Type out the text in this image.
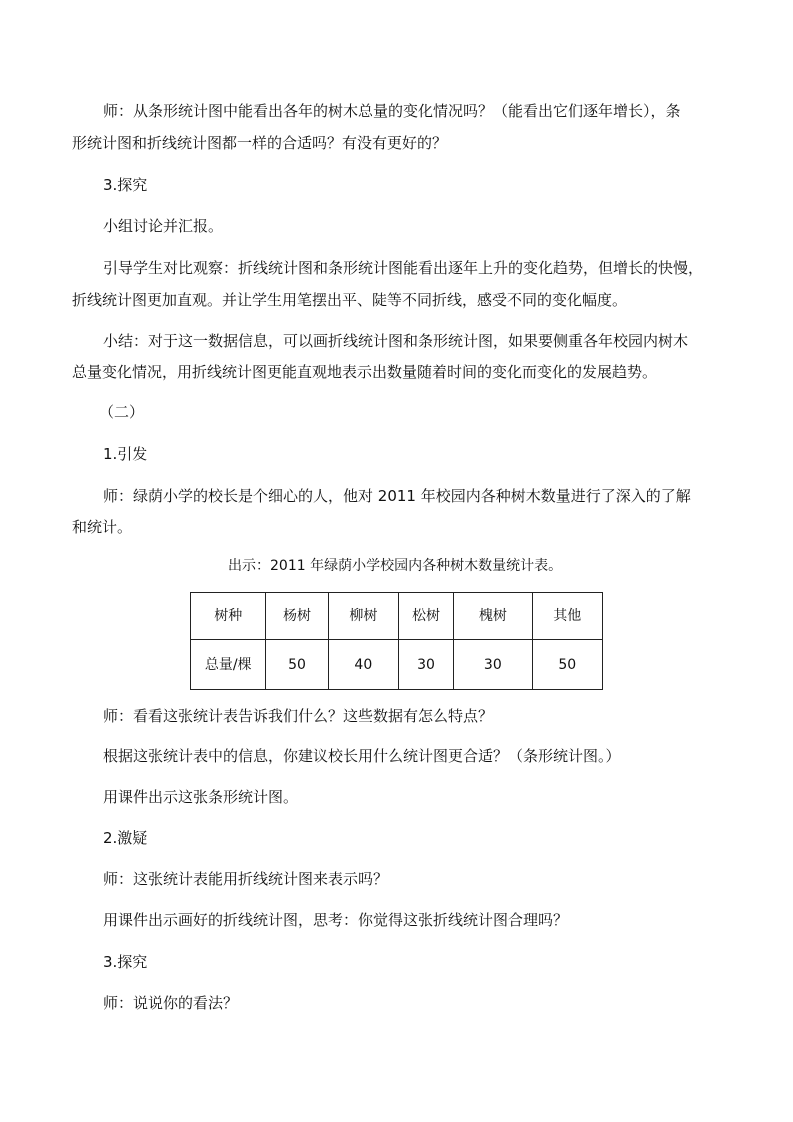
师：从条形统计图中能看出各年的树木总量的变化情况吗？（能看出它们逐年增长），条
形统计图和折线统计图都一样的合适吗？有没有更好的？
3.探究
小组讨论并汇报。
引导学生对比观察：折线统计图和条形统计图能看出逐年上升的变化趋势，但增长的快慢，
折线统计图更加直观。并让学生用笔摆出平、陡等不同折线，感受不同的变化幅度。
小结：对于这一数据信息，可以画折线统计图和条形统计图，如果要侧重各年校园内树木
总量变化情况，用折线统计图更能直观地表示出数量随着时间的变化而变化的发展趋势。
（二）
1.引发
师：绿荫小学的校长是个细心的人，他对 2011 年校园内各种树木数量进行了深入的了解
和统计。
出示：2011 年绿荫小学校园内各种树木数量统计表。
树种	杨树	柳树	松树	槐树	其他
总量/棵	50	40	30	30	50
师：看看这张统计表告诉我们什么？这些数据有怎么特点？
根据这张统计表中的信息，你建议校长用什么统计图更合适？（条形统计图。）
用课件出示这张条形统计图。
2.激疑
师：这张统计表能用折线统计图来表示吗？
用课件出示画好的折线统计图，思考：你觉得这张折线统计图合理吗？
3.探究
师：说说你的看法？
